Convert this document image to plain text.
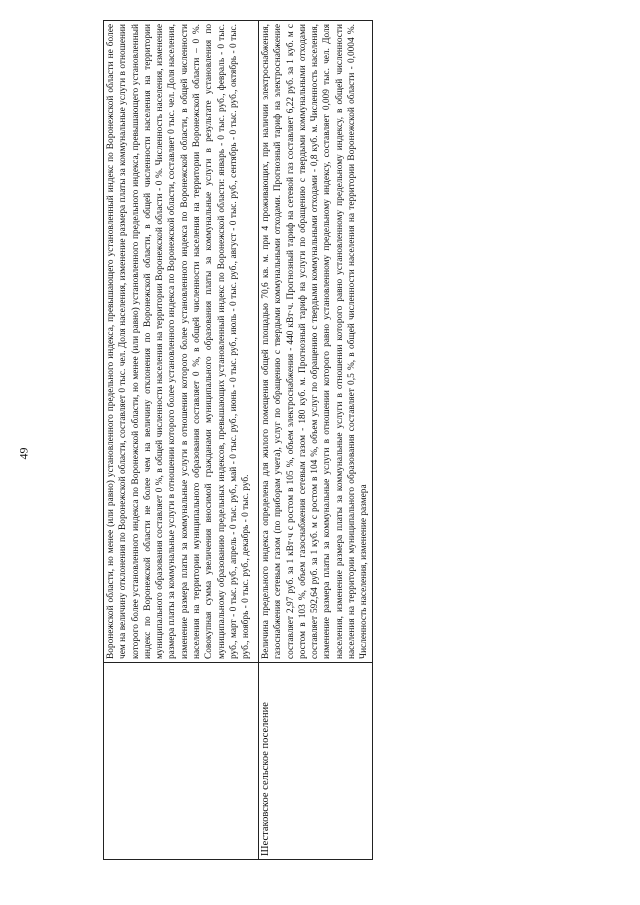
49
		Воронежской области, но менее (или равно) установленного предельного индекса, превышающего установленный индекс по Воронежской области не более чем на величину отклонения по Воронежской области, составляет 0 тыс. чел. Доля населения, изменение размера платы за коммунальные услуги в отношении которого более установленного индекса по Воронежской области, но менее (или равно) установленного предельного индекса, превышающего установленный индекс по Воронежской области не более чем на величину отклонения по Воронежской области, в общей численности населения на территории муниципального образования составляет 0 %, в общей численности населения на территории Воронежской области - 0 %. Численность населения, изменение размера платы за коммунальные услуги в отношении которого более установленного индекса по Воронежской области, составляет 0 тыс. чел. Доля населения, изменение размера платы за коммунальные услуги в отношении которого более установленного индекса по Воронежской области, в общей численности населения на территории муниципального образования составляет 0 %, в общей численности населения на территории Воронежской области – 0 %. Совокупная сумма увеличения вносимой гражданами муниципального образования платы за коммунальные услуги в результате установления по муниципальному образованию предельных индексов, превышающих установленный индекс по Воронежской области: январь - 0 тыс. руб., февраль - 0 тыс. руб., март - 0 тыс. руб., апрель - 0 тыс. руб., май - 0 тыс. руб., июнь - 0 тыс. руб., июль - 0 тыс. руб., август - 0 тыс. руб., сентябрь - 0 тыс. руб., октябрь - 0 тыс. руб., ноябрь - 0 тыс. руб., декабрь - 0 тыс. руб.
Шестаковское сельское поселение	Величина предельного индекса определена для жилого помещения общей площадью 70,6 кв. м. при 4 проживающих, при наличии электроснабжения, газоснабжения сетевым газом (по приборам учета), услуг по обращению с твердыми коммунальными отходами. Прогнозный тариф на электроснабжение составляет 2,97 руб. за 1 кВт·ч с ростом в 105 %, объем электроснабжения - 440 кВт·ч. Прогнозный тариф на сетевой газ составляет 6,22 руб. за 1 куб. м с ростом в 103 %, объем газоснабжения сетевым газом - 180 куб. м. Прогнозный тариф на услуги по обращению с твердыми коммунальными отходами составляет 592,64 руб. за 1 куб. м с ростом в 104 %, объем услуг по обращению с твердыми коммунальными отходами - 0,8 куб. м. Численность населения, изменение размера платы за коммунальные услуги в отношении которого равно установленному предельному индексу, составляет 0,009 тыс. чел. Доля населения, изменение размера платы за коммунальные услуги в отношении которого равно установленному предельному индексу, в общей численности населения на территории муниципального образования составляет 0,5 %, в общей численности населения на территории Воронежской области - 0,0004 %. Численность населения, изменение размера
